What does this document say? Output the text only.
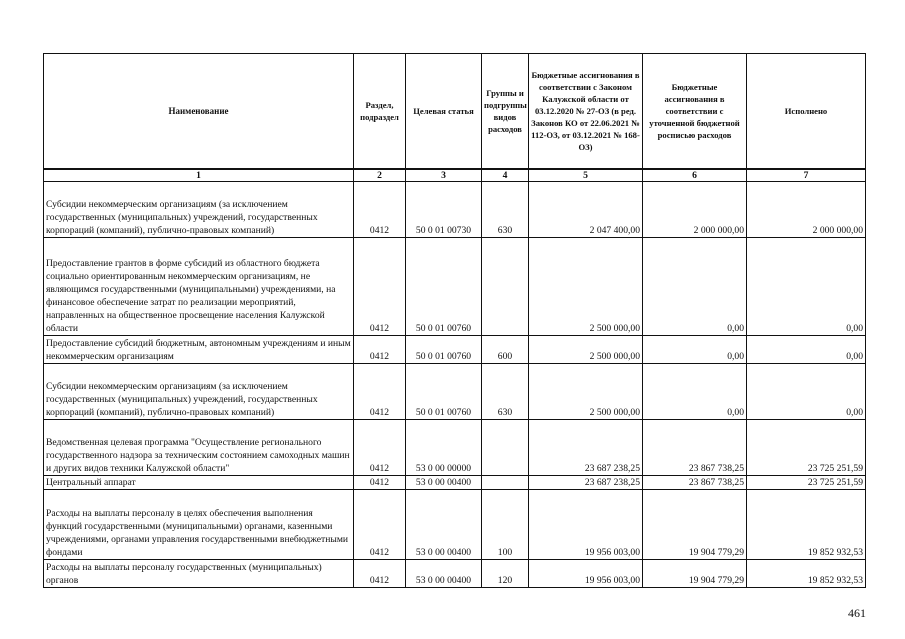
Наименование	Раздел, подраздел	Целевая статья	Группы и подгруппы видов расходов	Бюджетные ассигнования в соответствии с Законом Калужской области от 03.12.2020 № 27-ОЗ (в ред. Законов КО от 22.06.2021 № 112-ОЗ, от 03.12.2021 № 168-ОЗ)	Бюджетные ассигнования в соответствии с уточненной бюджетной росписью расходов	Исполнено
1	2	3	4	5	6	7
Субсидии некоммерческим организациям (за исключением государственных (муниципальных) учреждений, государственных корпораций (компаний), публично-правовых компаний)	0412	50 0 01 00730	630	2 047 400,00	2 000 000,00	2 000 000,00
Предоставление грантов в форме субсидий из областного бюджета социально ориентированным некоммерческим организациям, не являющимся государственными (муниципальными) учреждениями, на финансовое обеспечение затрат по реализации мероприятий, направленных на общественное просвещение населения Калужской области	0412	50 0 01 00760		2 500 000,00	0,00	0,00
Предоставление субсидий бюджетным, автономным учреждениям и иным некоммерческим организациям	0412	50 0 01 00760	600	2 500 000,00	0,00	0,00
Субсидии некоммерческим организациям (за исключением государственных (муниципальных) учреждений, государственных корпораций (компаний), публично-правовых компаний)	0412	50 0 01 00760	630	2 500 000,00	0,00	0,00
Ведомственная целевая программа "Осуществление регионального государственного надзора за техническим состоянием самоходных машин и других видов техники Калужской области"	0412	53 0 00 00000		23 687 238,25	23 867 738,25	23 725 251,59
Центральный аппарат	0412	53 0 00 00400		23 687 238,25	23 867 738,25	23 725 251,59
Расходы на выплаты персоналу в целях обеспечения выполнения функций государственными (муниципальными) органами, казенными учреждениями, органами управления государственными внебюджетными фондами	0412	53 0 00 00400	100	19 956 003,00	19 904 779,29	19 852 932,53
Расходы на выплаты персоналу государственных (муниципальных) органов	0412	53 0 00 00400	120	19 956 003,00	19 904 779,29	19 852 932,53
461
